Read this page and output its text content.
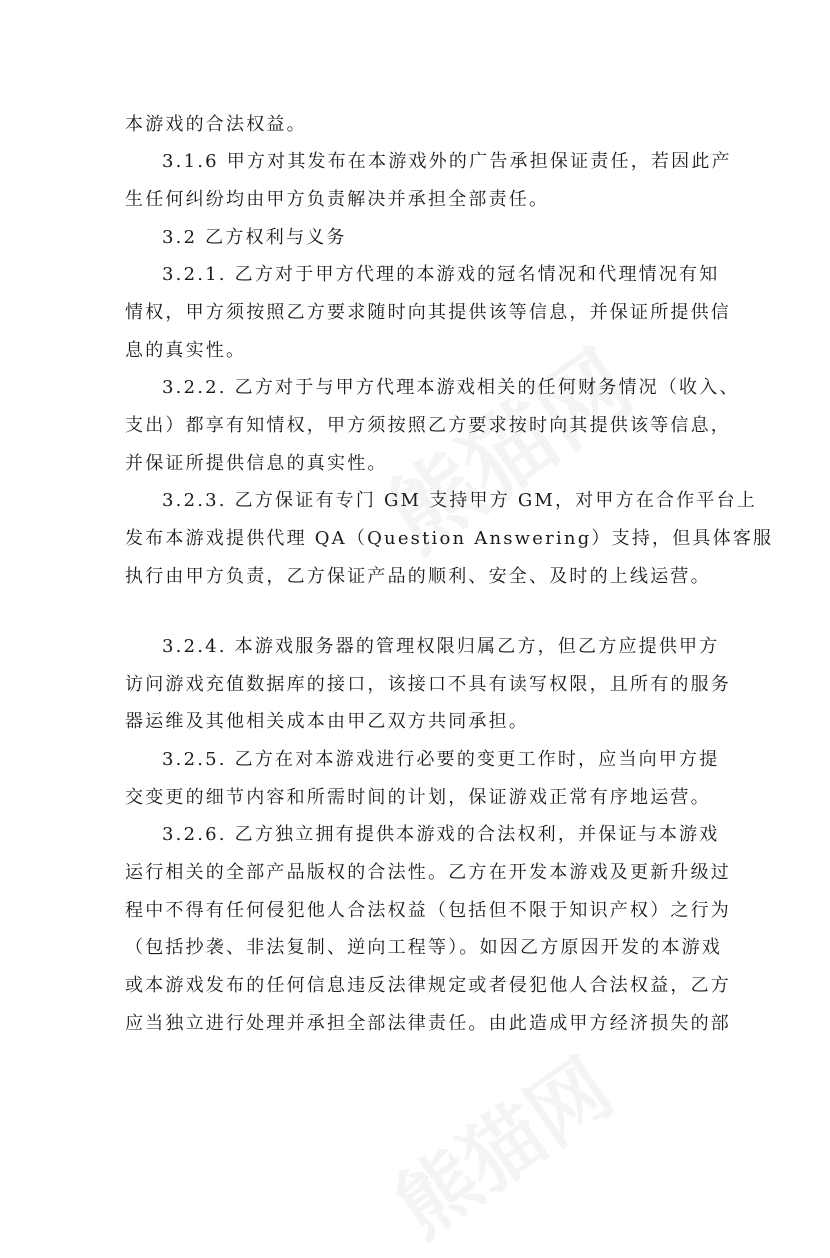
本游戏的合法权益。
3.1.6 甲方对其发布在本游戏外的广告承担保证责任，若因此产
生任何纠纷均由甲方负责解决并承担全部责任。
3.2 乙方权利与义务
3.2.1. 乙方对于甲方代理的本游戏的冠名情况和代理情况有知
情权，甲方须按照乙方要求随时向其提供该等信息，并保证所提供信
息的真实性。
3.2.2. 乙方对于与甲方代理本游戏相关的任何财务情况（收入、
支出）都享有知情权，甲方须按照乙方要求按时向其提供该等信息，
并保证所提供信息的真实性。
3.2.3. 乙方保证有专门 GM 支持甲方 GM，对甲方在合作平台上
发布本游戏提供代理 QA（Question Answering）支持，但具体客服
执行由甲方负责，乙方保证产品的顺利、安全、及时的上线运营。
3.2.4. 本游戏服务器的管理权限归属乙方，但乙方应提供甲方
访问游戏充值数据库的接口，该接口不具有读写权限，且所有的服务
器运维及其他相关成本由甲乙双方共同承担。
3.2.5. 乙方在对本游戏进行必要的变更工作时，应当向甲方提
交变更的细节内容和所需时间的计划，保证游戏正常有序地运营。
3.2.6. 乙方独立拥有提供本游戏的合法权利，并保证与本游戏
运行相关的全部产品版权的合法性。乙方在开发本游戏及更新升级过
程中不得有任何侵犯他人合法权益（包括但不限于知识产权）之行为
（包括抄袭、非法复制、逆向工程等）。如因乙方原因开发的本游戏
或本游戏发布的任何信息违反法律规定或者侵犯他人合法权益，乙方
应当独立进行处理并承担全部法律责任。由此造成甲方经济损失的部
